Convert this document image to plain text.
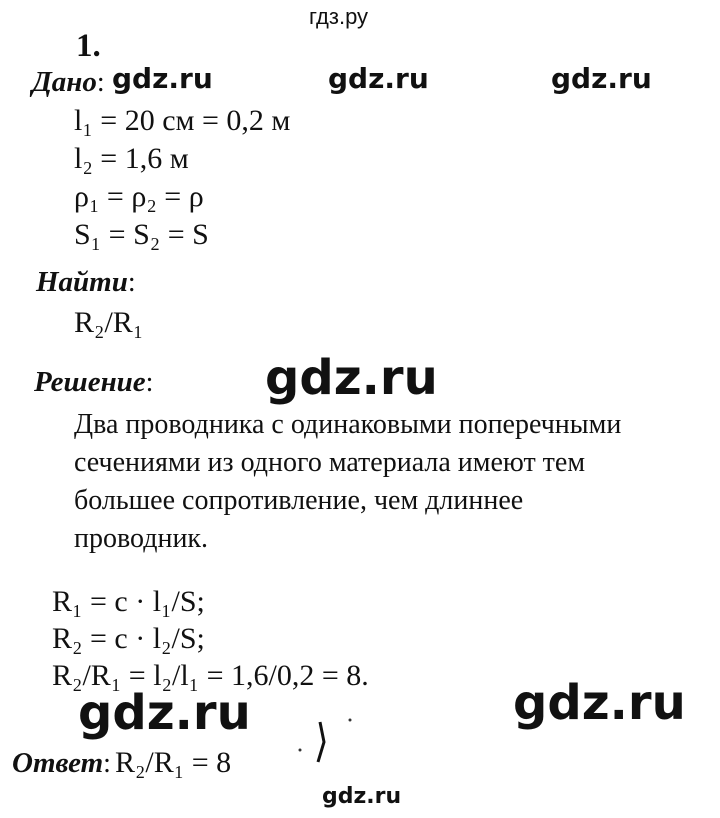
гдз.ру
gdz.ru	gdz.ru	gdz.ru
gdz.ru
gdz.ru	gdz.ru
gdz.ru
1.
Дано:
l₁ = 20 см = 0,2 м
l₂ = 1,6 м
ρ₁ = ρ₂ = ρ
S₁ = S₂ = S
Найти:
R₂/R₁
Решение:
Два проводника с одинаковыми поперечными
сечениями из одного материала имеют тем
большее сопротивление, чем длиннее
проводник.
R₁ = c · l₁/S;
R₂ = c · l₂/S;
R₂/R₁ = l₂/l₁ = 1,6/0,2 = 8.
Ответ: R₂/R₁ = 8
